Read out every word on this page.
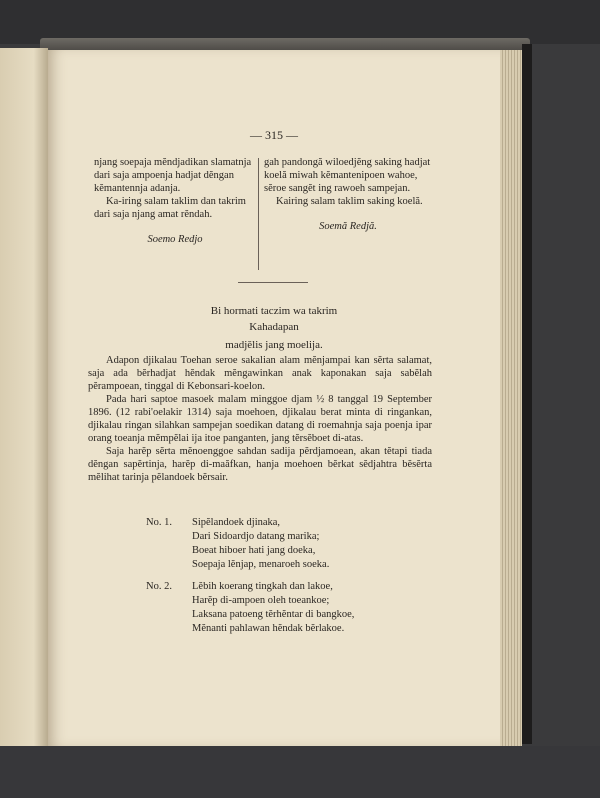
— 315 —

njang soepaja mĕndjadikan slamatnja dari saja ampoenja hadjat dĕngan kĕmantennja adanja.

Ka-iring salam taklim dan takrim dari saja njang amat rĕndah.

Soemo Redjo

gah pandongă wiloedjĕng saking hadjat koelă miwah kĕmantenipoen wahoe, sĕroe sangĕt ing rawoeh sampejan.

Kairing salam taklim saking koelă.

Soemă Redjă.

Bi hormati taczim wa takrim
Kahadapan
madjĕlis jang moelija.

Adapon djikalau Toehan seroe sakalian alam mĕnjampai kan sĕrta salamat, saja ada bĕrhadjat hĕndak mĕngawinkan anak kaponakan saja sabĕlah pĕrampoean, tinggal di Kebonsari-koelon.

Pada hari saptoe masoek malam minggoe djam ½ 8 tanggal 19 September 1896. (12 rabi'oelakir 1314) saja moehoen, djikalau berat minta di ringankan, djikalau ringan silahkan sampejan soedikan datang di roemahnja saja poenja ipar orang toeanja mĕmpĕlai ija itoe panganten, jang tĕrsĕboet di-atas.

Saja harĕp sĕrta mĕnoenggoe sahdan sadija pĕrdjamoean, akan tĕtapi tiada dĕngan sapĕrtinja, harĕp di-maăfkan, hanja moehoen bĕrkat sĕdjahtra bĕsĕrta mĕlihat tarinja pĕlandoek bĕrsair.

No. 1.	Sipĕlandoek djinaka,
Dari Sidoardjo datang marika;
Boeat hiboer hati jang doeka,
Soepaja lĕnjap, menaroeh soeka.
No. 2.	Lĕbih koerang tingkah dan lakoe,
Harĕp di-ampoen oleh toeankoe;
Laksana patoeng tĕrhĕntar di bangkoe,
Mĕnanti pahlawan hĕndak bĕrlakoe.
